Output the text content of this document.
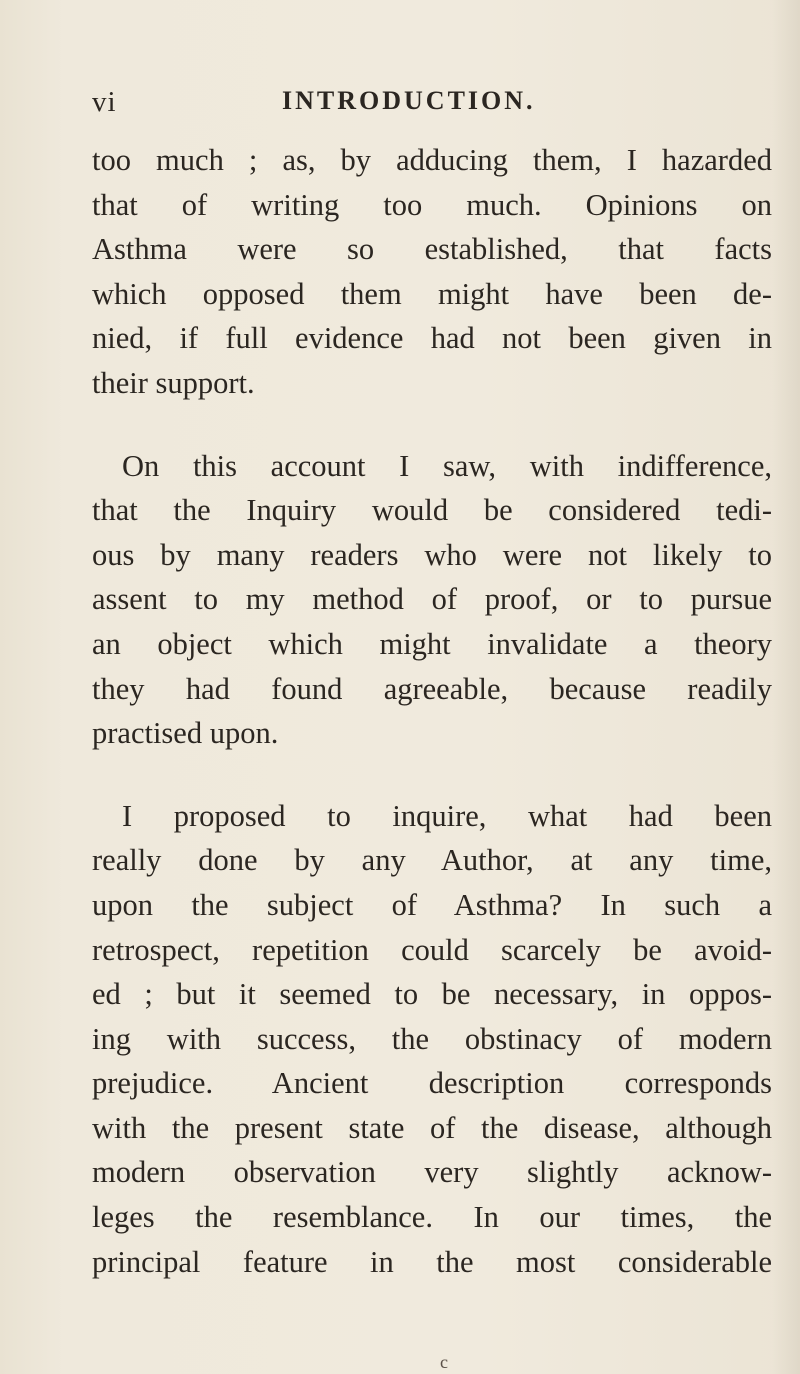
vi	INTRODUCTION.
too much ; as, by adducing them, I hazarded
that of writing too much. Opinions on
Asthma were so established, that facts
which opposed them might have been de-
nied, if full evidence had not been given in
their support.
On this account I saw, with indifference,
that the Inquiry would be considered tedi-
ous by many readers who were not likely to
assent to my method of proof, or to pursue
an object which might invalidate a theory
they had found agreeable, because readily
practised upon.
I proposed to inquire, what had been
really done by any Author, at any time,
upon the subject of Asthma? In such a
retrospect, repetition could scarcely be avoid-
ed ; but it seemed to be necessary, in oppos-
ing with success, the obstinacy of modern
prejudice. Ancient description corresponds
with the present state of the disease, although
modern observation very slightly acknow-
leges the resemblance. In our times, the
principal feature in the most considerable
c
